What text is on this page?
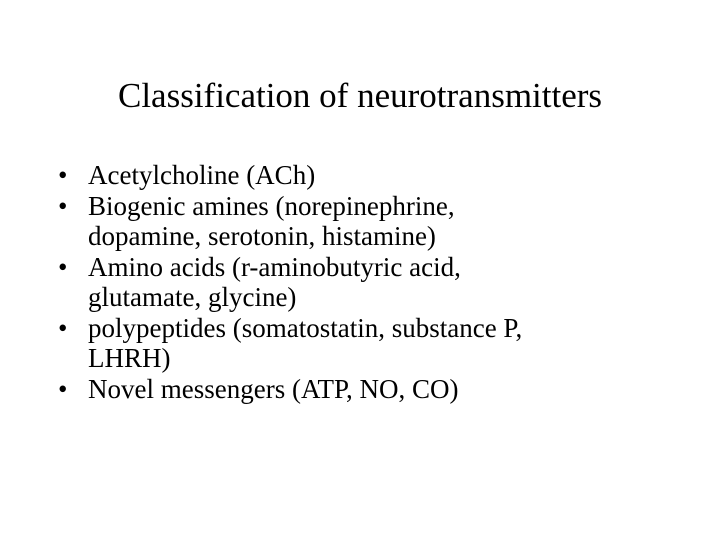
Classification of neurotransmitters
• Acetylcholine (ACh)
• Biogenic amines (norepinephrine,
dopamine, serotonin, histamine)
• Amino acids (r-aminobutyric acid,
glutamate, glycine)
• polypeptides (somatostatin, substance P,
LHRH)
• Novel messengers (ATP, NO, CO)
